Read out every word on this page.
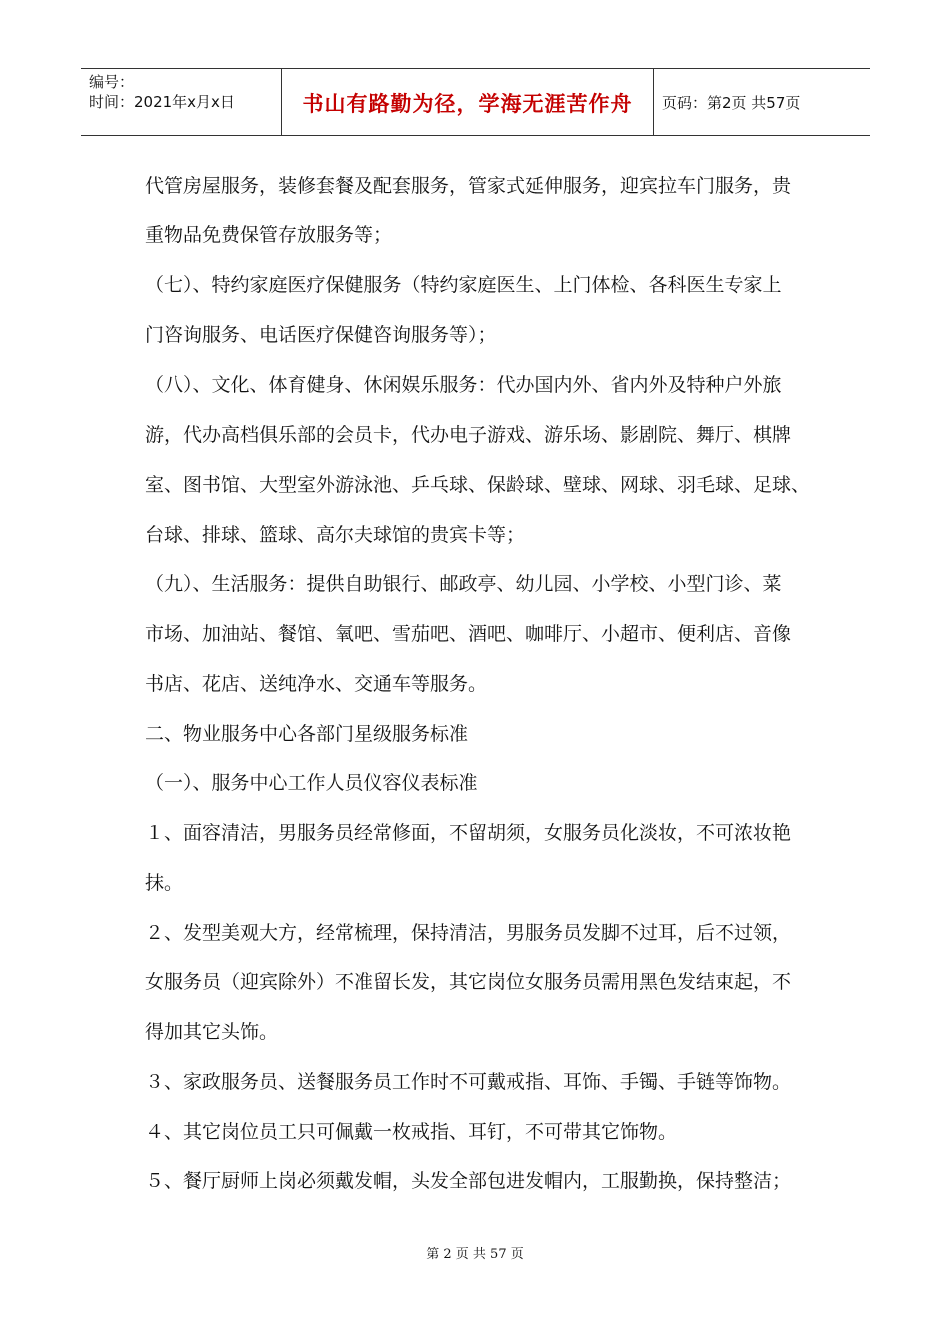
编号：
时间：2021年x月x日	书山有路勤为径，学海无涯苦作舟	页码：第2页 共57页
代管房屋服务，装修套餐及配套服务，管家式延伸服务，迎宾拉车门服务，贵
重物品免费保管存放服务等；
（七）、特约家庭医疗保健服务（特约家庭医生、上门体检、各科医生专家上
门咨询服务、电话医疗保健咨询服务等）；
（八）、文化、体育健身、休闲娱乐服务：代办国内外、省内外及特种户外旅
游，代办高档俱乐部的会员卡，代办电子游戏、游乐场、影剧院、舞厅、棋牌
室、图书馆、大型室外游泳池、乒乓球、保龄球、壁球、网球、羽毛球、足球、
台球、排球、篮球、高尔夫球馆的贵宾卡等；
（九）、生活服务：提供自助银行、邮政亭、幼儿园、小学校、小型门诊、菜
市场、加油站、餐馆、氧吧、雪茄吧、酒吧、咖啡厅、小超市、便利店、音像
书店、花店、送纯净水、交通车等服务。
二、物业服务中心各部门星级服务标准
（一）、服务中心工作人员仪容仪表标准
１、面容清洁，男服务员经常修面，不留胡须，女服务员化淡妆，不可浓妆艳
抹。
２、发型美观大方，经常梳理，保持清洁，男服务员发脚不过耳，后不过领，
女服务员（迎宾除外）不准留长发，其它岗位女服务员需用黑色发结束起，不
得加其它头饰。
３、家政服务员、送餐服务员工作时不可戴戒指、耳饰、手镯、手链等饰物。
４、其它岗位员工只可佩戴一枚戒指、耳钉，不可带其它饰物。
５、餐厅厨师上岗必须戴发帽，头发全部包进发帽内，工服勤换，保持整洁；
第 2 页 共 57 页
